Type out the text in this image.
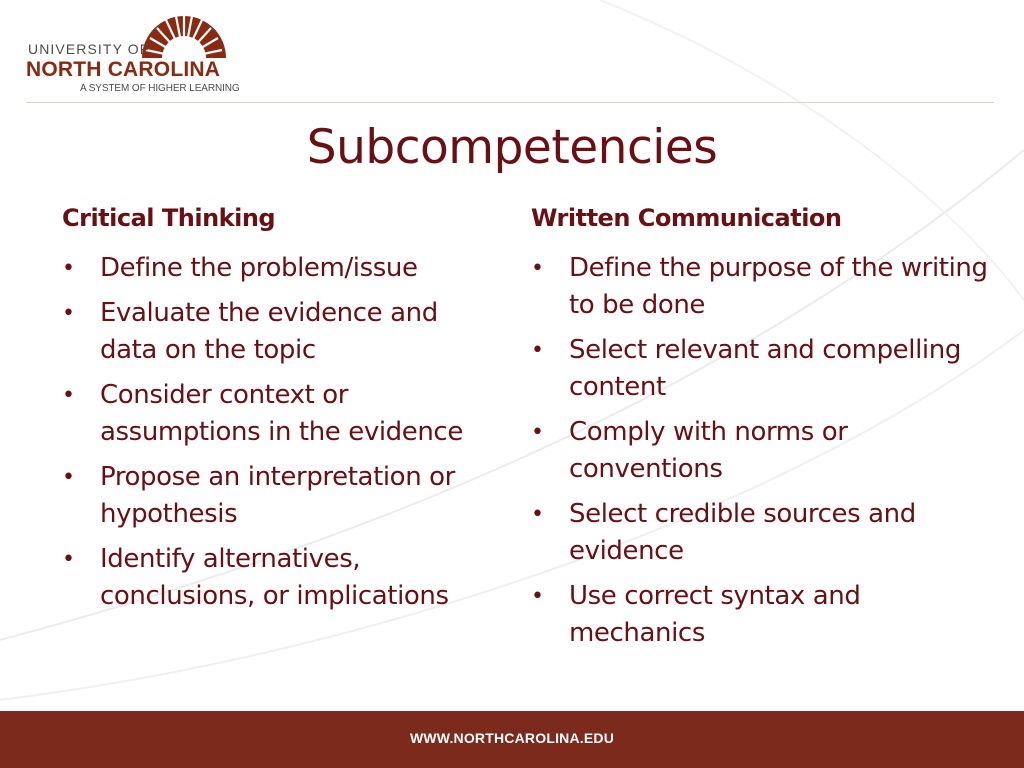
UNIVERSITY OF
NORTH CAROLINA
A SYSTEM OF HIGHER LEARNING
Subcompetencies
Critical Thinking
• Define the problem/issue
• Evaluate the evidence and data on the topic
• Consider context or assumptions in the evidence
• Propose an interpretation or hypothesis
• Identify alternatives, conclusions, or implications
Written Communication
• Define the purpose of the writing to be done
• Select relevant and compelling content
• Comply with norms or conventions
• Select credible sources and evidence
• Use correct syntax and mechanics
WWW.NORTHCAROLINA.EDU
